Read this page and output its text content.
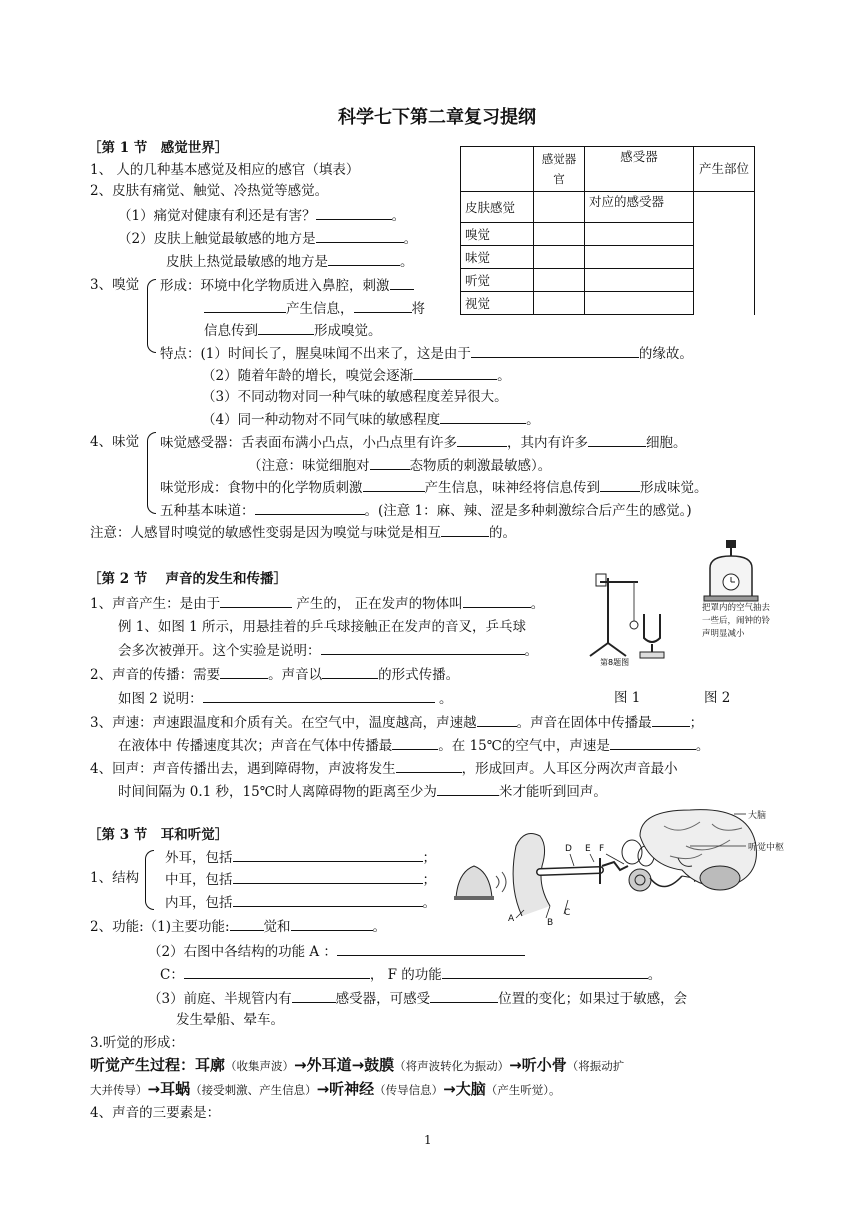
科学七下第二章复习提纲
［第 1 节　感觉世界］
1、 人的几种基本感觉及相应的感官（填表）
2、皮肤有痛觉、触觉、冷热觉等感觉。
（1）痛觉对健康有利还是有害？	。
（2）皮肤上触觉最敏感的地方是	。
皮肤上热觉最敏感的地方是	。
3、嗅觉 形成：环境中化学物质进入鼻腔，刺激
产生信息，	将
信息传到	形成嗅觉。
特点：(1）时间长了，腥臭味闻不出来了，这是由于	的缘故。
（2）随着年龄的增长，嗅觉会逐渐	。
（3）不同动物对同一种气味的敏感程度差异很大。
（4）同一种动物对不同气味的敏感程度	。
4、味觉 味觉感受器：舌表面布满小凸点，小凸点里有许多	，其内有许多	细胞。
（注意：味觉细胞对	态物质的刺激最敏感）。
味觉形成：食物中的化学物质刺激	产生信息，味神经将信息传到	形成味觉。
五种基本味道：	。(注意 1：麻、辣、涩是多种刺激综合后产生的感觉。)
注意：人感冒时嗅觉的敏感性变弱是因为嗅觉与味觉是相互	的。
	感觉器官	感受器	产生部位
皮肤感觉		对应的感受器	
嗅觉			
味觉			
听觉			
视觉			
［第 2 节　 声音的发生和传播］
1、声音产生：是由于	产生的， 正在发声的物体叫	。
例 1、如图 1 所示，用悬挂着的乒乓球接触正在发声的音叉，乒乓球
会多次被弹开。这个实验是说明：	。
2、声音的传播：需要	。声音以	的形式传播。
如图 2 说明：	。	图 1	图 2
第8题图
把罩内的空气抽去
一些后，闹钟的铃
声明显减小
3、声速：声速跟温度和介质有关。在空气中，温度越高，声速越	。声音在固体中传播最	；
在液体中 传播速度其次；声音在气体中传播最	。在 15℃的空气中，声速是	。
4、回声：声音传播出去，遇到障碍物，声波将发生	，形成回声。人耳区分两次声音最小
时间间隔为 0.1 秒，15℃时人离障碍物的距离至少为	米才能听到回声。
［第 3 节　耳和听觉］
1、结构
外耳，包括	；
中耳，包括	；
内耳，包括	。
2、功能:（1)主要功能:	觉和	。
（2）右图中各结构的功能 A ：
C：	， F 的功能	。
（3）前庭、半规管内有	感受器，可感受	位置的变化；如果过于敏感，会
发生晕船、晕车。
3.听觉的形成：
听觉产生过程：耳廓（收集声波）→外耳道→鼓膜（将声波转化为振动）→听小骨（将振动扩
大并传导）→耳蜗（接受刺激、产生信息）→听神经（传导信息）→大脑（产生听觉）。
4、声音的三要素是：
D E F
A	B
C
大脑
听觉中枢
1
